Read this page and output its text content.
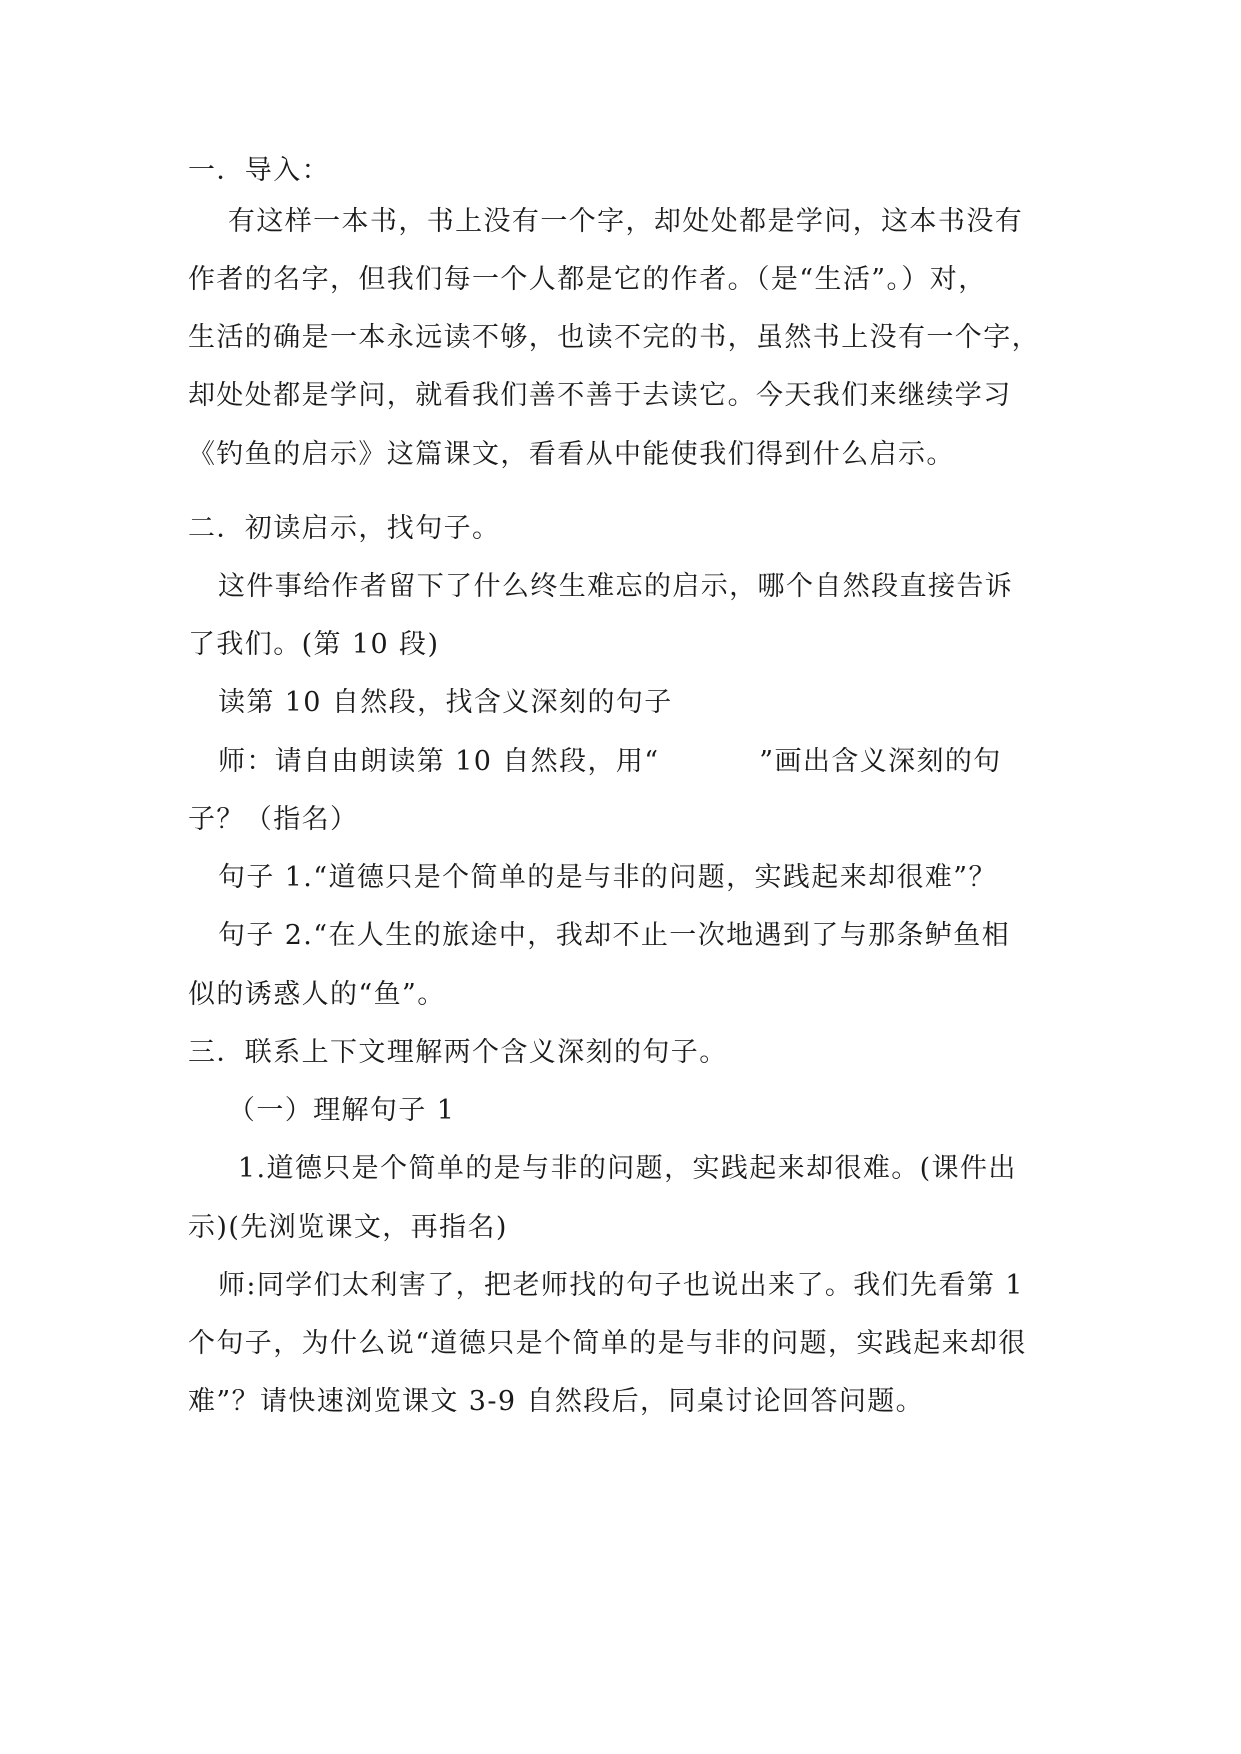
一．导入：
有这样一本书，书上没有一个字，却处处都是学问，这本书没有
作者的名字，但我们每一个人都是它的作者。（是“生活”。）对，
生活的确是一本永远读不够，也读不完的书，虽然书上没有一个字，
却处处都是学问，就看我们善不善于去读它。今天我们来继续学习
《钓鱼的启示》这篇课文，看看从中能使我们得到什么启示。
二．初读启示，找句子。
这件事给作者留下了什么终生难忘的启示，哪个自然段直接告诉
了我们。(第 10 段)
读第 10 自然段，找含义深刻的句子
师：请自由朗读第 10 自然段，用“          ”画出含义深刻的句
子？（指名）
句子 1.“道德只是个简单的是与非的问题，实践起来却很难”？
句子 2.“在人生的旅途中，我却不止一次地遇到了与那条鲈鱼相
似的诱惑人的“鱼”。
三．联系上下文理解两个含义深刻的句子。
（一）理解句子 1
1.道德只是个简单的是与非的问题，实践起来却很难。(课件出
示)(先浏览课文，再指名)
师:同学们太利害了，把老师找的句子也说出来了。我们先看第 1
个句子，为什么说“道德只是个简单的是与非的问题，实践起来却很
难”？请快速浏览课文 3-9 自然段后，同桌讨论回答问题。
